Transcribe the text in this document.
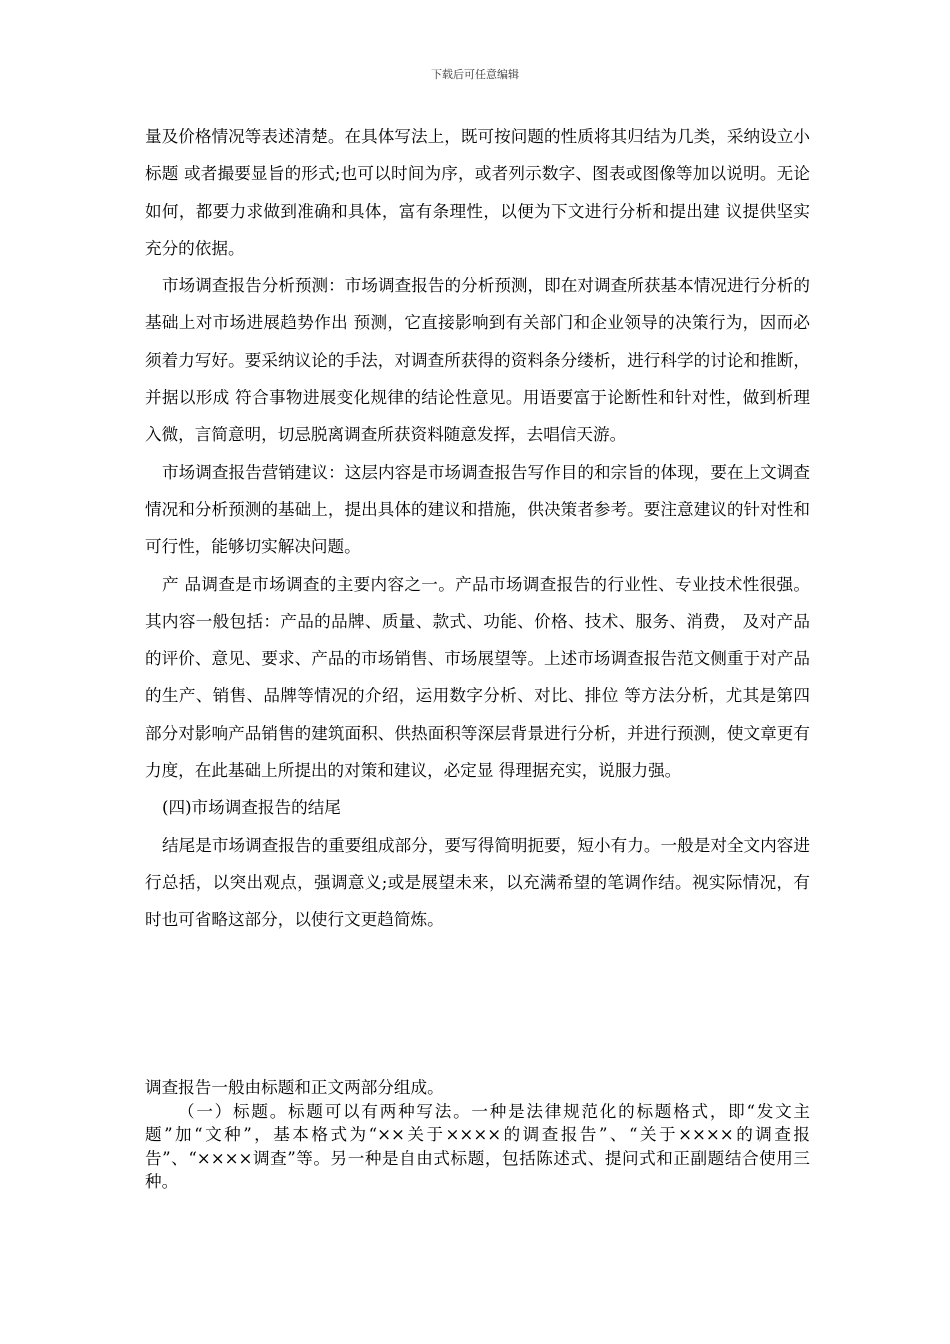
下载后可任意编辑

量及价格情况等表述清楚。在具体写法上，既可按问题的性质将其归结为几类，采纳设立小标题 或者撮要显旨的形式;也可以时间为序，或者列示数字、图表或图像等加以说明。无论如何，都要力求做到准确和具体，富有条理性，以便为下文进行分析和提出建 议提供坚实充分的依据。

市场调查报告分析预测：市场调查报告的分析预测，即在对调查所获基本情况进行分析的基础上对市场进展趋势作出 预测，它直接影响到有关部门和企业领导的决策行为，因而必须着力写好。要采纳议论的手法，对调查所获得的资料条分缕析，进行科学的讨论和推断，并据以形成 符合事物进展变化规律的结论性意见。用语要富于论断性和针对性，做到析理入微，言简意明，切忌脱离调查所获资料随意发挥，去唱信天游。

市场调查报告营销建议：这层内容是市场调查报告写作目的和宗旨的体现，要在上文调查情况和分析预测的基础上，提出具体的建议和措施，供决策者参考。要注意建议的针对性和可行性，能够切实解决问题。

产 品调查是市场调查的主要内容之一。产品市场调查报告的行业性、专业技术性很强。其内容一般包括：产品的品牌、质量、款式、功能、价格、技术、服务、消费， 及对产品的评价、意见、要求、产品的市场销售、市场展望等。上述市场调查报告范文侧重于对产品的生产、销售、品牌等情况的介绍，运用数字分析、对比、排位 等方法分析，尤其是第四部分对影响产品销售的建筑面积、供热面积等深层背景进行分析，并进行预测，使文章更有力度，在此基础上所提出的对策和建议，必定显 得理据充实，说服力强。

(四)市场调查报告的结尾

结尾是市场调查报告的重要组成部分，要写得简明扼要，短小有力。一般是对全文内容进行总括，以突出观点，强调意义;或是展望未来，以充满希望的笔调作结。视实际情况，有时也可省略这部分，以使行文更趋简炼。

调查报告一般由标题和正文两部分组成。

（一）标题。标题可以有两种写法。一种是法律规范化的标题格式，即“发文主题”加“文种”，基本格式为“××关于××××的调查报告”、“关于××××的调查报告”、“××××调查”等。另一种是自由式标题，包括陈述式、提问式和正副题结合使用三种。
